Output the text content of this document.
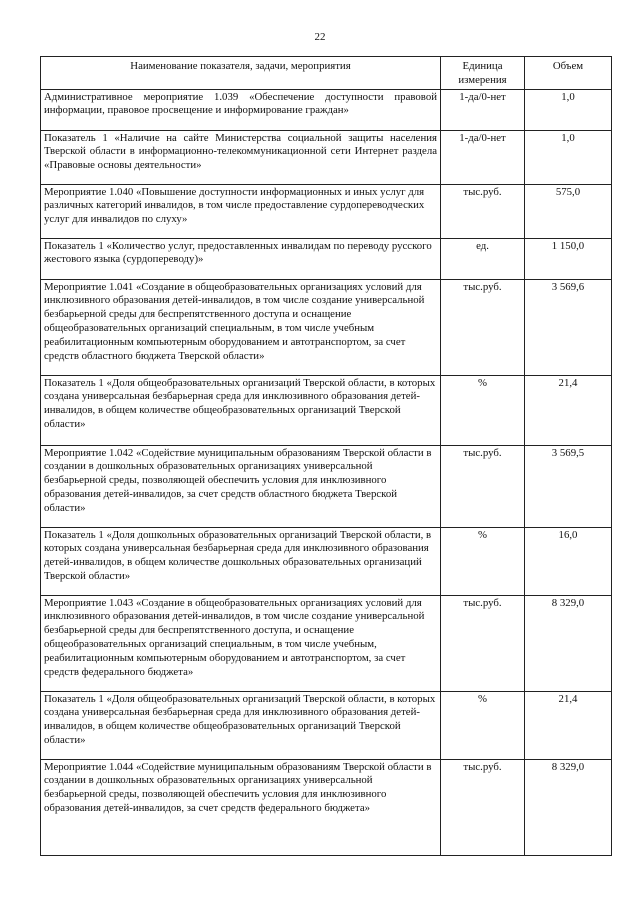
22
Наименование показателя, задачи, мероприятия	Единица измерения	Объем
Административное мероприятие 1.039 «Обеспечение доступности правовой информации, правовое просвещение и информирование граждан»	1-да/0-нет	1,0
Показатель 1 «Наличие на сайте Министерства социальной защиты населения Тверской области в информационно-телекоммуникационной сети Интернет раздела «Правовые основы деятельности»	1-да/0-нет	1,0
Мероприятие 1.040 «Повышение доступности информационных и иных услуг для различных категорий инвалидов, в том числе предоставление сурдопереводческих услуг для инвалидов по слуху»	тыс.руб.	575,0
Показатель 1 «Количество услуг, предоставленных инвалидам по переводу русского жестового языка (сурдопереводу)»	ед.	1 150,0
Мероприятие 1.041 «Создание в общеобразовательных организациях условий для инклюзивного образования детей-инвалидов, в том числе создание универсальной безбарьерной среды для беспрепятственного доступа и оснащение общеобразовательных организаций специальным, в том числе учебным реабилитационным компьютерным оборудованием и автотранспортом, за счет средств областного бюджета Тверской области»	тыс.руб.	3 569,6
Показатель 1 «Доля общеобразовательных организаций Тверской области, в которых создана универсальная безбарьерная среда для инклюзивного образования детей-инвалидов, в общем количестве общеобразовательных организаций Тверской области»	%	21,4
Мероприятие 1.042 «Содействие муниципальным образованиям Тверской области в создании в дошкольных образовательных организациях универсальной безбарьерной среды, позволяющей обеспечить условия для инклюзивного образования детей-инвалидов, за счет средств областного бюджета Тверской области»	тыс.руб.	3 569,5
Показатель 1 «Доля дошкольных образовательных организаций Тверской области, в которых создана универсальная безбарьерная среда для инклюзивного образования детей-инвалидов, в общем количестве дошкольных образовательных организаций Тверской области»	%	16,0
Мероприятие 1.043 «Создание в общеобразовательных организациях условий для инклюзивного образования детей-инвалидов, в том числе создание универсальной безбарьерной среды для беспрепятственного доступа, и оснащение общеобразовательных организаций специальным, в том числе учебным, реабилитационным компьютерным оборудованием и автотранспортом, за счет средств федерального бюджета»	тыс.руб.	8 329,0
Показатель 1 «Доля общеобразовательных организаций Тверской области, в которых создана универсальная безбарьерная среда для инклюзивного образования детей-инвалидов, в общем количестве общеобразовательных организаций Тверской области»	%	21,4
Мероприятие 1.044 «Содействие муниципальным образованиям Тверской области в создании в дошкольных образовательных организациях универсальной безбарьерной среды, позволяющей обеспечить условия для инклюзивного образования детей-инвалидов, за счет средств федерального бюджета»	тыс.руб.	8 329,0
